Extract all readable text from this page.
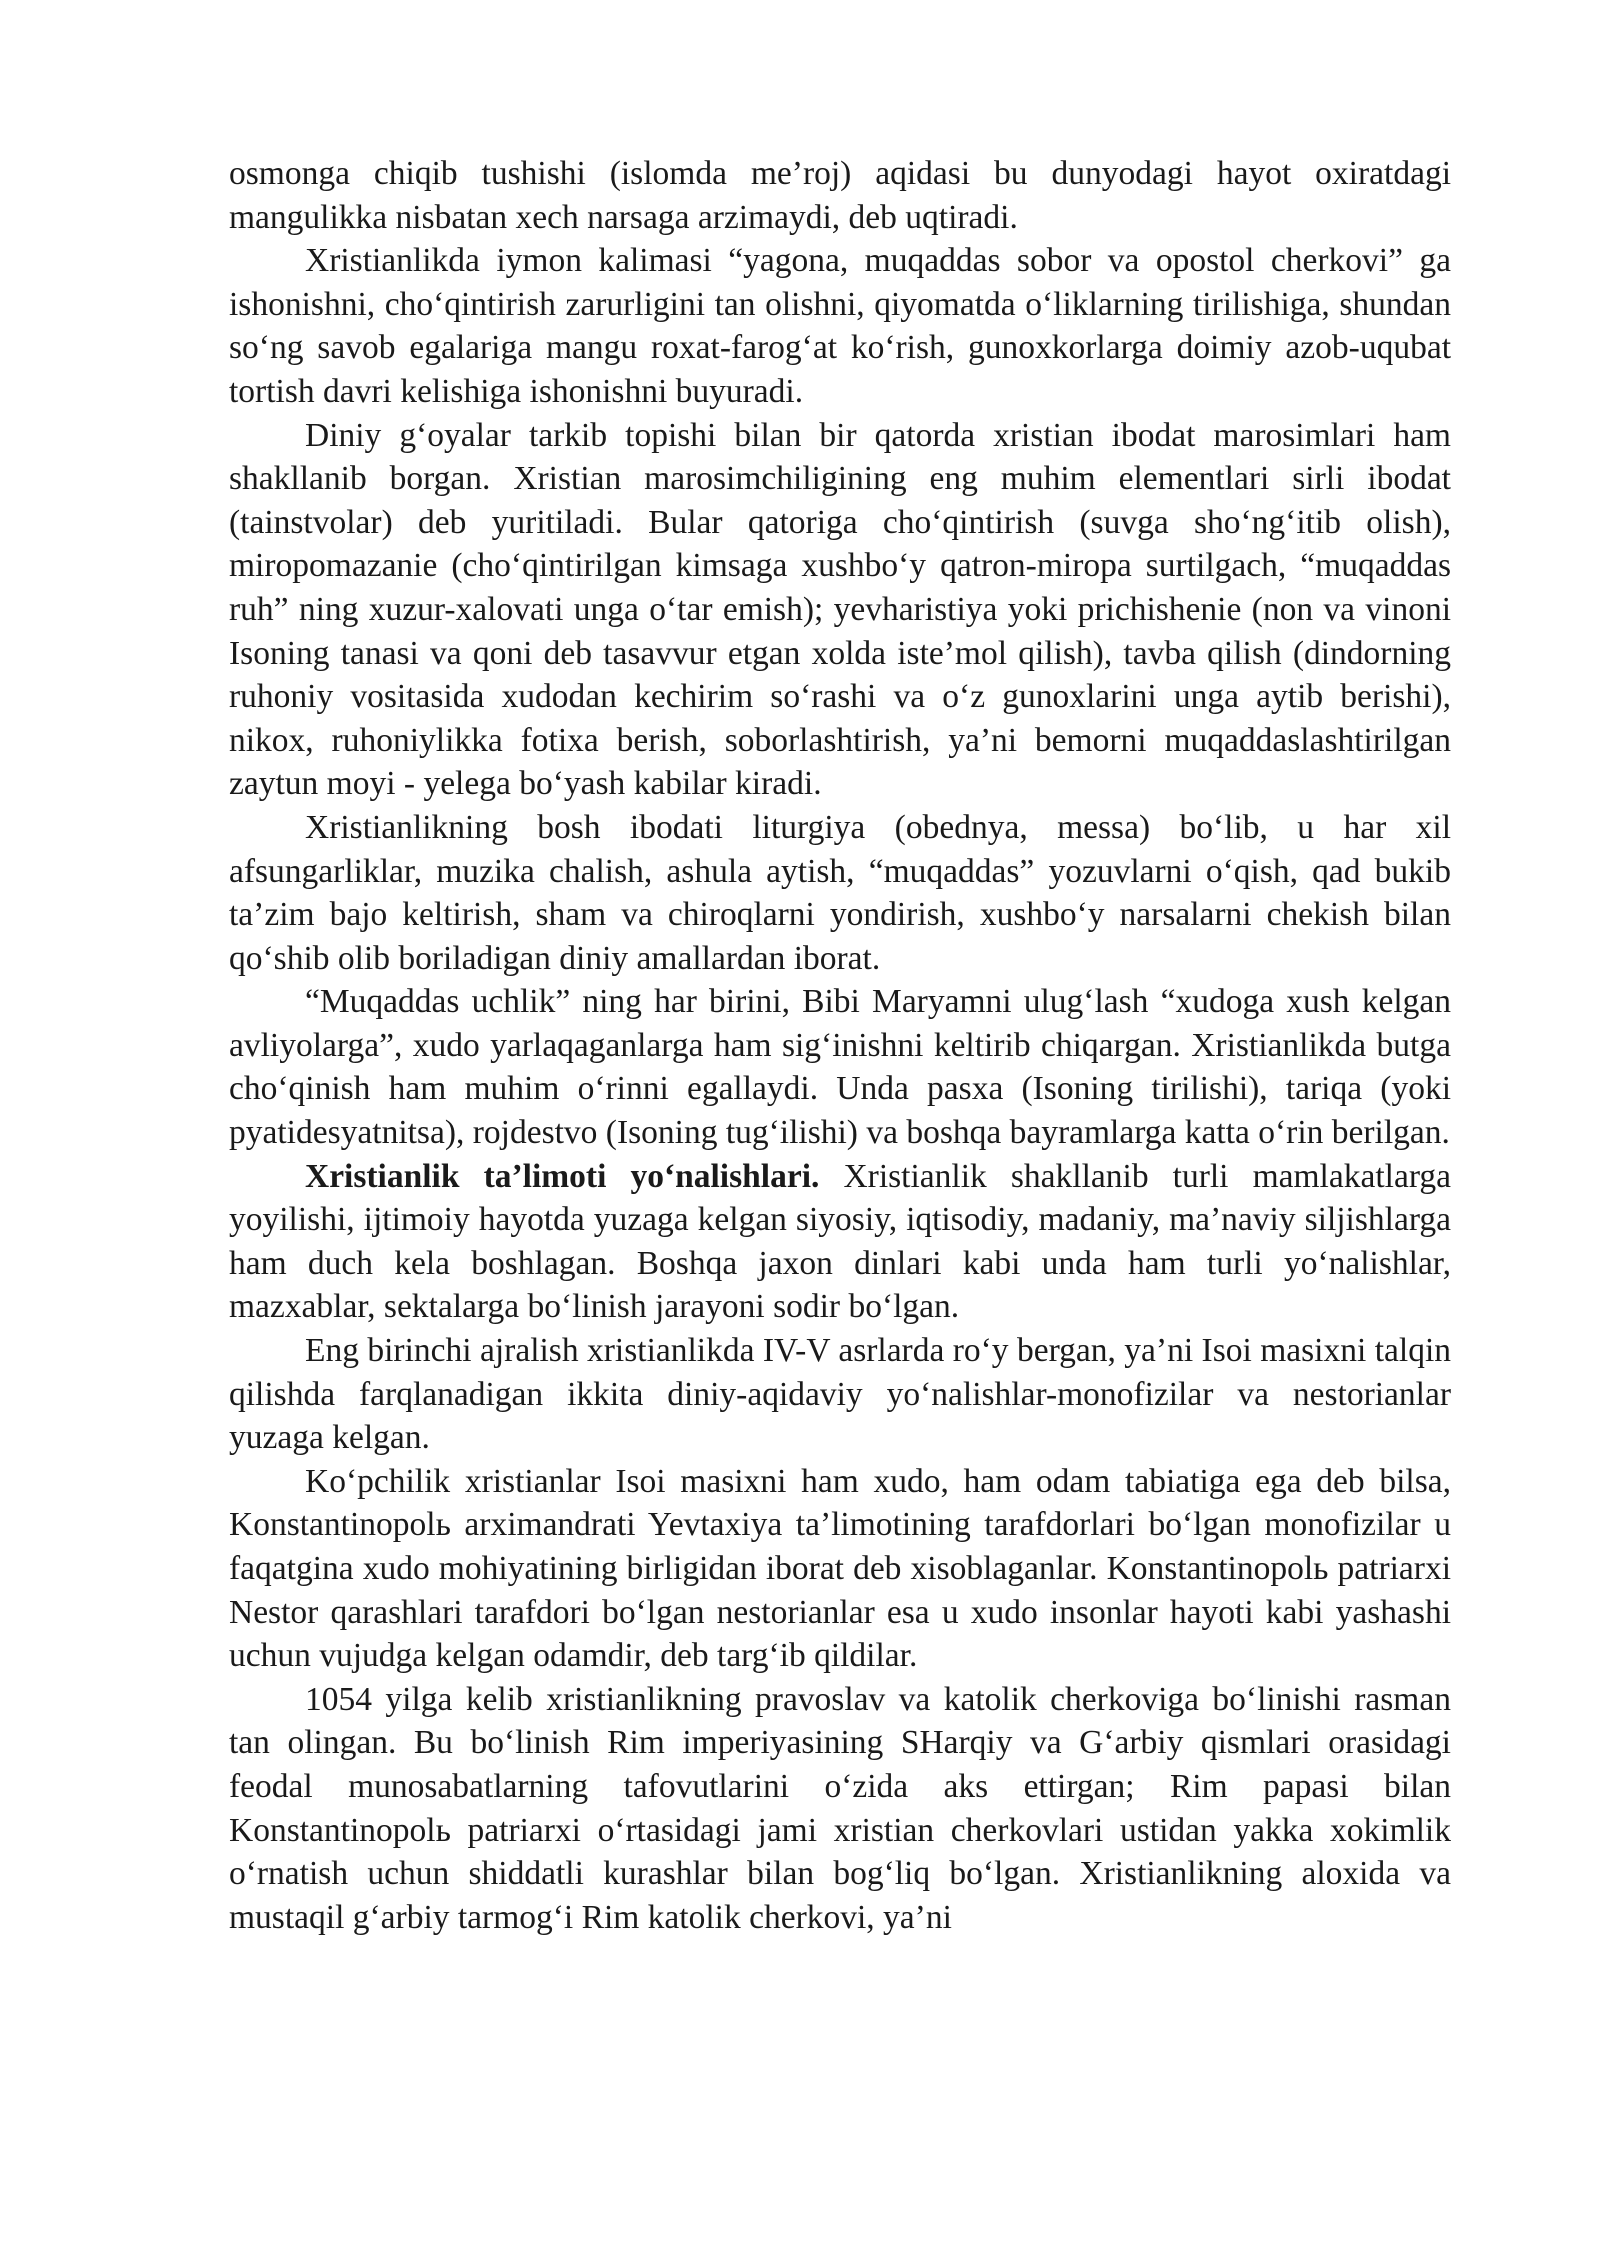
osmonga chiqib tushishi (islomda me’roj) aqidasi bu dunyodagi hayot oxiratdagi mangulikka nisbatan xech narsaga arzimaydi, deb uqtiradi.

Xristianlikda iymon kalimasi “yagona, muqaddas sobor va opostol cherkovi” ga ishonishni, cho‘qintirish zarurligini tan olishni, qiyomatda o‘liklarning tirilishiga, shundan so‘ng savob egalariga mangu roxat-farog‘at ko‘rish, gunoxkorlarga doimiy azob-uqubat tortish davri kelishiga ishonishni buyuradi.

Diniy g‘oyalar tarkib topishi bilan bir qatorda xristian ibodat marosimlari ham shakllanib borgan. Xristian marosimchiligining eng muhim elementlari sirli ibodat (tainstvolar) deb yuritiladi. Bular qatoriga cho‘qintirish (suvga sho‘ng‘itib olish), miropomazanie (cho‘qintirilgan kimsaga xushbo‘y qatron-miropa surtilgach, “muqaddas ruh” ning xuzur-xalovati unga o‘tar emish); yevharistiya yoki prichishenie (non va vinoni Isoning tanasi va qoni deb tasavvur etgan xolda iste’mol qilish), tavba qilish (dindorning ruhoniy vositasida xudodan kechirim so‘rashi va o‘z gunoxlarini unga aytib berishi), nikox, ruhoniylikka fotixa berish, soborlashtirish, ya’ni bemorni muqaddaslashtirilgan zaytun moyi - yelega bo‘yash kabilar kiradi.

Xristianlikning bosh ibodati liturgiya (obednya, messa) bo‘lib, u har xil afsungarliklar, muzika chalish, ashula aytish, “muqaddas” yozuvlarni o‘qish, qad bukib ta’zim bajo keltirish, sham va chiroqlarni yondirish, xushbo‘y narsalarni chekish bilan qo‘shib olib boriladigan diniy amallardan iborat.

“Muqaddas uchlik” ning har birini, Bibi Maryamni ulug‘lash “xudoga xush kelgan avliyolarga”, xudo yarlaqaganlarga ham sig‘inishni keltirib chiqargan. Xristianlikda butga cho‘qinish ham muhim o‘rinni egallaydi. Unda pasxa (Isoning tirilishi), tariqa (yoki pyatidesyatnitsa), rojdestvo (Isoning tug‘ilishi) va boshqa bayramlarga katta o‘rin berilgan.

Xristianlik ta’limoti yo‘nalishlari. Xristianlik shakllanib turli mamlakatlarga yoyilishi, ijtimoiy hayotda yuzaga kelgan siyosiy, iqtisodiy, madaniy, ma’naviy siljishlarga ham duch kela boshlagan. Boshqa jaxon dinlari kabi unda ham turli yo‘nalishlar, mazxablar, sektalarga bo‘linish jarayoni sodir bo‘lgan.

Eng birinchi ajralish xristianlikda IV-V asrlarda ro‘y bergan, ya’ni Isoi masixni talqin qilishda farqlanadigan ikkita diniy-aqidaviy yo‘nalishlar-monofizilar va nestorianlar yuzaga kelgan.

Ko‘pchilik xristianlar Isoi masixni ham xudo, ham odam tabiatiga ega deb bilsa, Konstantinopolь arximandrati Yevtaxiya ta’limotining tarafdorlari bo‘lgan monofizilar u faqatgina xudo mohiyatining birligidan iborat deb xisoblaganlar. Konstantinopolь patriarxi Nestor qarashlari tarafdori bo‘lgan nestorianlar esa u xudo insonlar hayoti kabi yashashi uchun vujudga kelgan odamdir, deb targ‘ib qildilar.

1054 yilga kelib xristianlikning pravoslav va katolik cherkoviga bo‘linishi rasman tan olingan. Bu bo‘linish Rim imperiyasining SHarqiy va G‘arbiy qismlari orasidagi feodal munosabatlarning tafovutlarini o‘zida aks ettirgan; Rim papasi bilan Konstantinopolь patriarxi o‘rtasidagi jami xristian cherkovlari ustidan yakka xokimlik o‘rnatish uchun shiddatli kurashlar bilan bog‘liq bo‘lgan. Xristianlikning aloxida va mustaqil g‘arbiy tarmog‘i Rim katolik cherkovi, ya’ni
